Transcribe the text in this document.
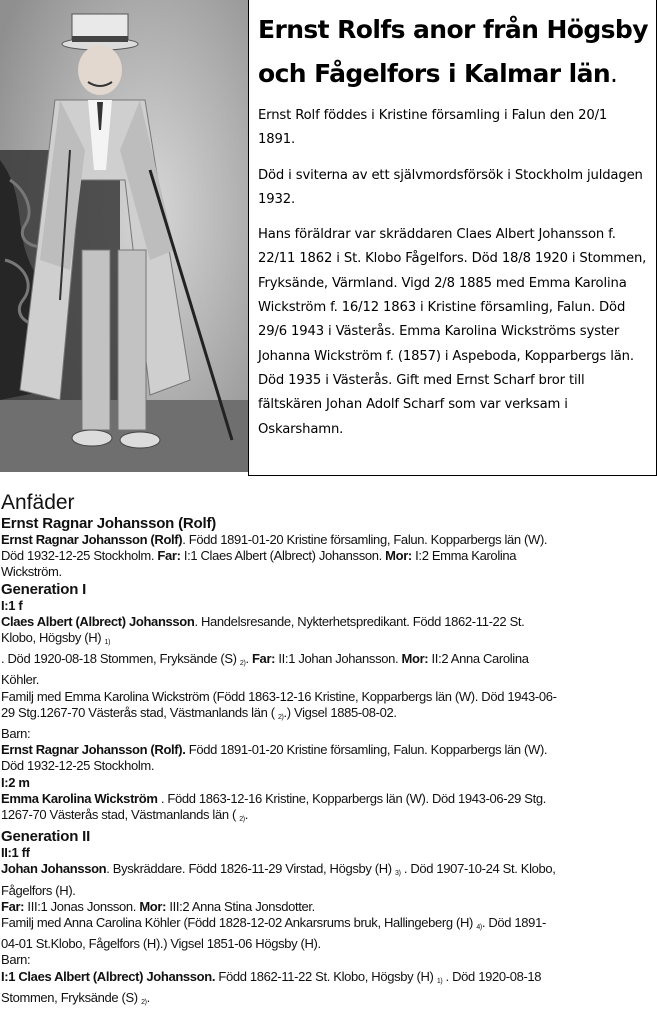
Ernst Rolfs anor från Högsby och Fågelfors i Kalmar län.

Ernst Rolf föddes i Kristine församling i Falun den 20/1 1891.

Död i sviterna av ett självmordsförsök i Stockholm juldagen 1932.

Hans föräldrar var skräddaren Claes Albert Johansson f. 22/11 1862 i St. Klobo Fågelfors. Död 18/8 1920 i Stommen, Fryksände, Värmland. Vigd 2/8 1885 med Emma Karolina Wickström f. 16/12 1863 i Kristine församling, Falun. Död 29/6 1943 i Västerås. Emma Karolina Wickströms syster Johanna Wickström f. (1857) i Aspeboda, Kopparbergs län. Död 1935 i Västerås. Gift med Ernst Scharf bror till fältskären Johan Adolf Scharf som var verksam i Oskarshamn.

Anfäder
Ernst Ragnar Johansson (Rolf)
Ernst Ragnar Johansson (Rolf). Född 1891-01-20 Kristine församling, Falun. Kopparbergs län (W).
Död 1932-12-25 Stockholm. Far: I:1 Claes Albert (Albrect) Johansson. Mor: I:2 Emma Karolina
Wickström.
Generation I
I:1 f
Claes Albert (Albrect) Johansson. Handelsresande, Nykterhetspredikant. Född 1862-11-22 St.
Klobo, Högsby (H) $_{1)}$
. Död 1920-08-18 Stommen, Fryksände (S) $_{2)}$. Far: II:1 Johan Johansson. Mor: II:2 Anna Carolina
Köhler.
Familj med Emma Karolina Wickström (Född 1863-12-16 Kristine, Kopparbergs län (W). Död 1943-06-
29 Stg.1267-70 Västerås stad, Västmanlands län ( $_{2)}$.) Vigsel 1885-08-02.
Barn:
Ernst Ragnar Johansson (Rolf). Född 1891-01-20 Kristine församling, Falun. Kopparbergs län (W).
Död 1932-12-25 Stockholm.
I:2 m
Emma Karolina Wickström . Född 1863-12-16 Kristine, Kopparbergs län (W). Död 1943-06-29 Stg.
1267-70 Västerås stad, Västmanlands län ( $_{2)}$.
Generation II
II:1 ff
Johan Johansson. Byskräddare. Född 1826-11-29 Virstad, Högsby (H) $_{3)}$ . Död 1907-10-24 St. Klobo,
Fågelfors (H).
Far: III:1 Jonas Jonsson. Mor: III:2 Anna Stina Jonsdotter.
Familj med Anna Carolina Köhler (Född 1828-12-02 Ankarsrums bruk, Hallingeberg (H) $_{4)}$. Död 1891-
04-01 St.Klobo, Fågelfors (H).) Vigsel 1851-06 Högsby (H).
Barn:
I:1 Claes Albert (Albrect) Johansson. Född 1862-11-22 St. Klobo, Högsby (H) $_{1)}$ . Död 1920-08-18
Stommen, Fryksände (S) $_{2)}$.
